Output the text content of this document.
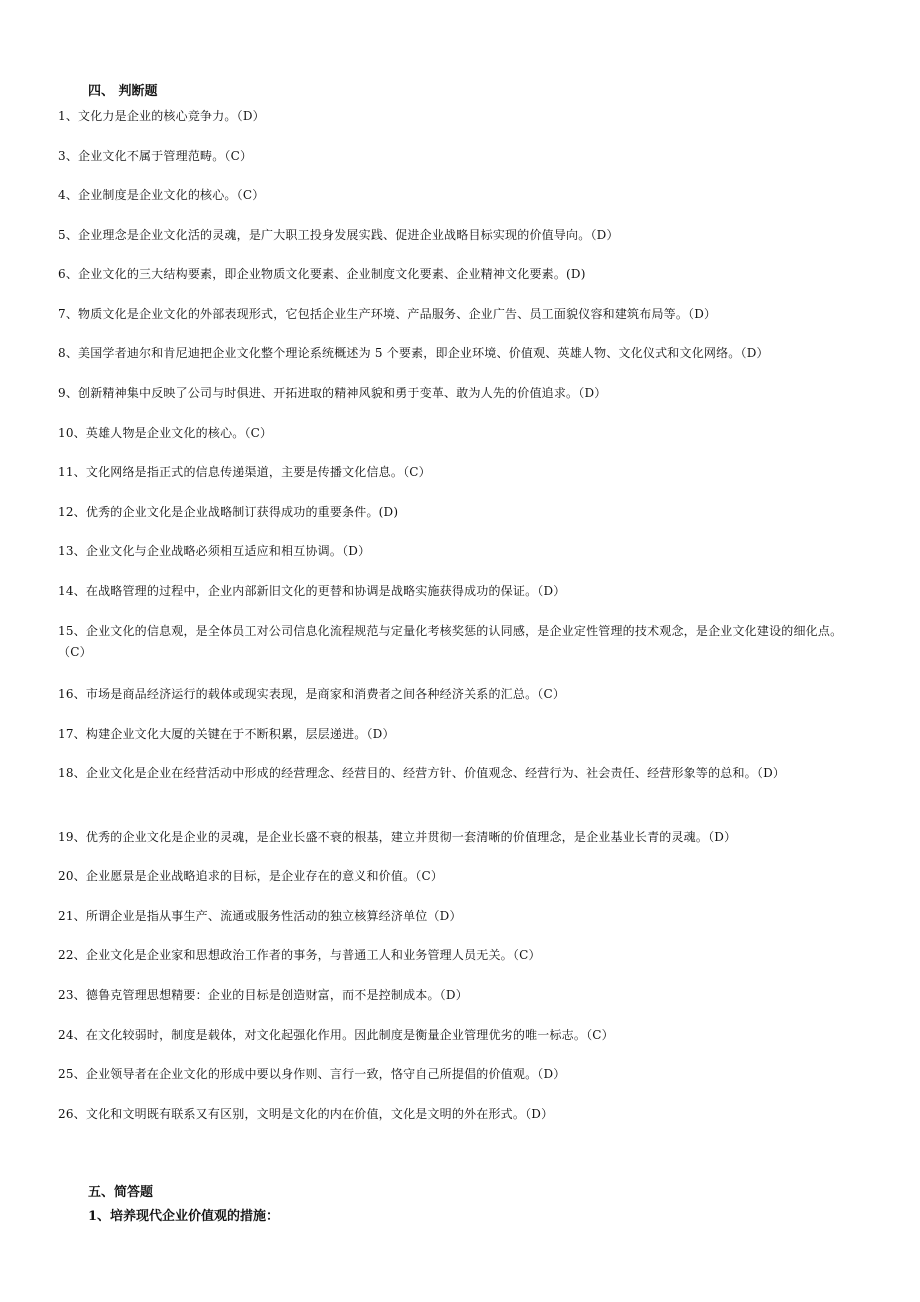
四、 判断题
1、文化力是企业的核心竞争力。（D）
3、企业文化不属于管理范畴。（C）
4、企业制度是企业文化的核心。（C）
5、企业理念是企业文化活的灵魂，是广大职工投身发展实践、促进企业战略目标实现的价值导向。（D）
6、企业文化的三大结构要素，即企业物质文化要素、企业制度文化要素、企业精神文化要素。(D)
7、物质文化是企业文化的外部表现形式，它包括企业生产环境、产品服务、企业广告、员工面貌仪容和建筑布局等。（D）
8、美国学者迪尔和肯尼迪把企业文化整个理论系统概述为 5 个要素，即企业环境、价值观、英雄人物、文化仪式和文化网络。（D）
9、创新精神集中反映了公司与时俱进、开拓进取的精神风貌和勇于变革、敢为人先的价值追求。（D）
10、英雄人物是企业文化的核心。（C）
11、文化网络是指正式的信息传递渠道，主要是传播文化信息。（C）
12、优秀的企业文化是企业战略制订获得成功的重要条件。(D)
13、企业文化与企业战略必须相互适应和相互协调。（D）
14、在战略管理的过程中，企业内部新旧文化的更替和协调是战略实施获得成功的保证。（D）
15、企业文化的信息观，是全体员工对公司信息化流程规范与定量化考核奖惩的认同感，是企业定性管理的技术观念，是企业文化建设的细化点。（C）
16、市场是商品经济运行的载体或现实表现，是商家和消费者之间各种经济关系的汇总。（C）
17、构建企业文化大厦的关键在于不断积累，层层递进。（D）
18、企业文化是企业在经营活动中形成的经营理念、经营目的、经营方针、价值观念、经营行为、社会责任、经营形象等的总和。（D）
19、优秀的企业文化是企业的灵魂，是企业长盛不衰的根基，建立并贯彻一套清晰的价值理念，是企业基业长青的灵魂。（D）
20、企业愿景是企业战略追求的目标，是企业存在的意义和价值。（C）
21、所谓企业是指从事生产、流通或服务性活动的独立核算经济单位（D）
22、企业文化是企业家和思想政治工作者的事务，与普通工人和业务管理人员无关。（C）
23、德鲁克管理思想精要：企业的目标是创造财富，而不是控制成本。（D）
24、在文化较弱时，制度是载体，对文化起强化作用。因此制度是衡量企业管理优劣的唯一标志。（C）
25、企业领导者在企业文化的形成中要以身作则、言行一致，恪守自己所提倡的价值观。（D）
26、文化和文明既有联系又有区别，文明是文化的内在价值，文化是文明的外在形式。（D）
五、简答题
1、培养现代企业价值观的措施：
